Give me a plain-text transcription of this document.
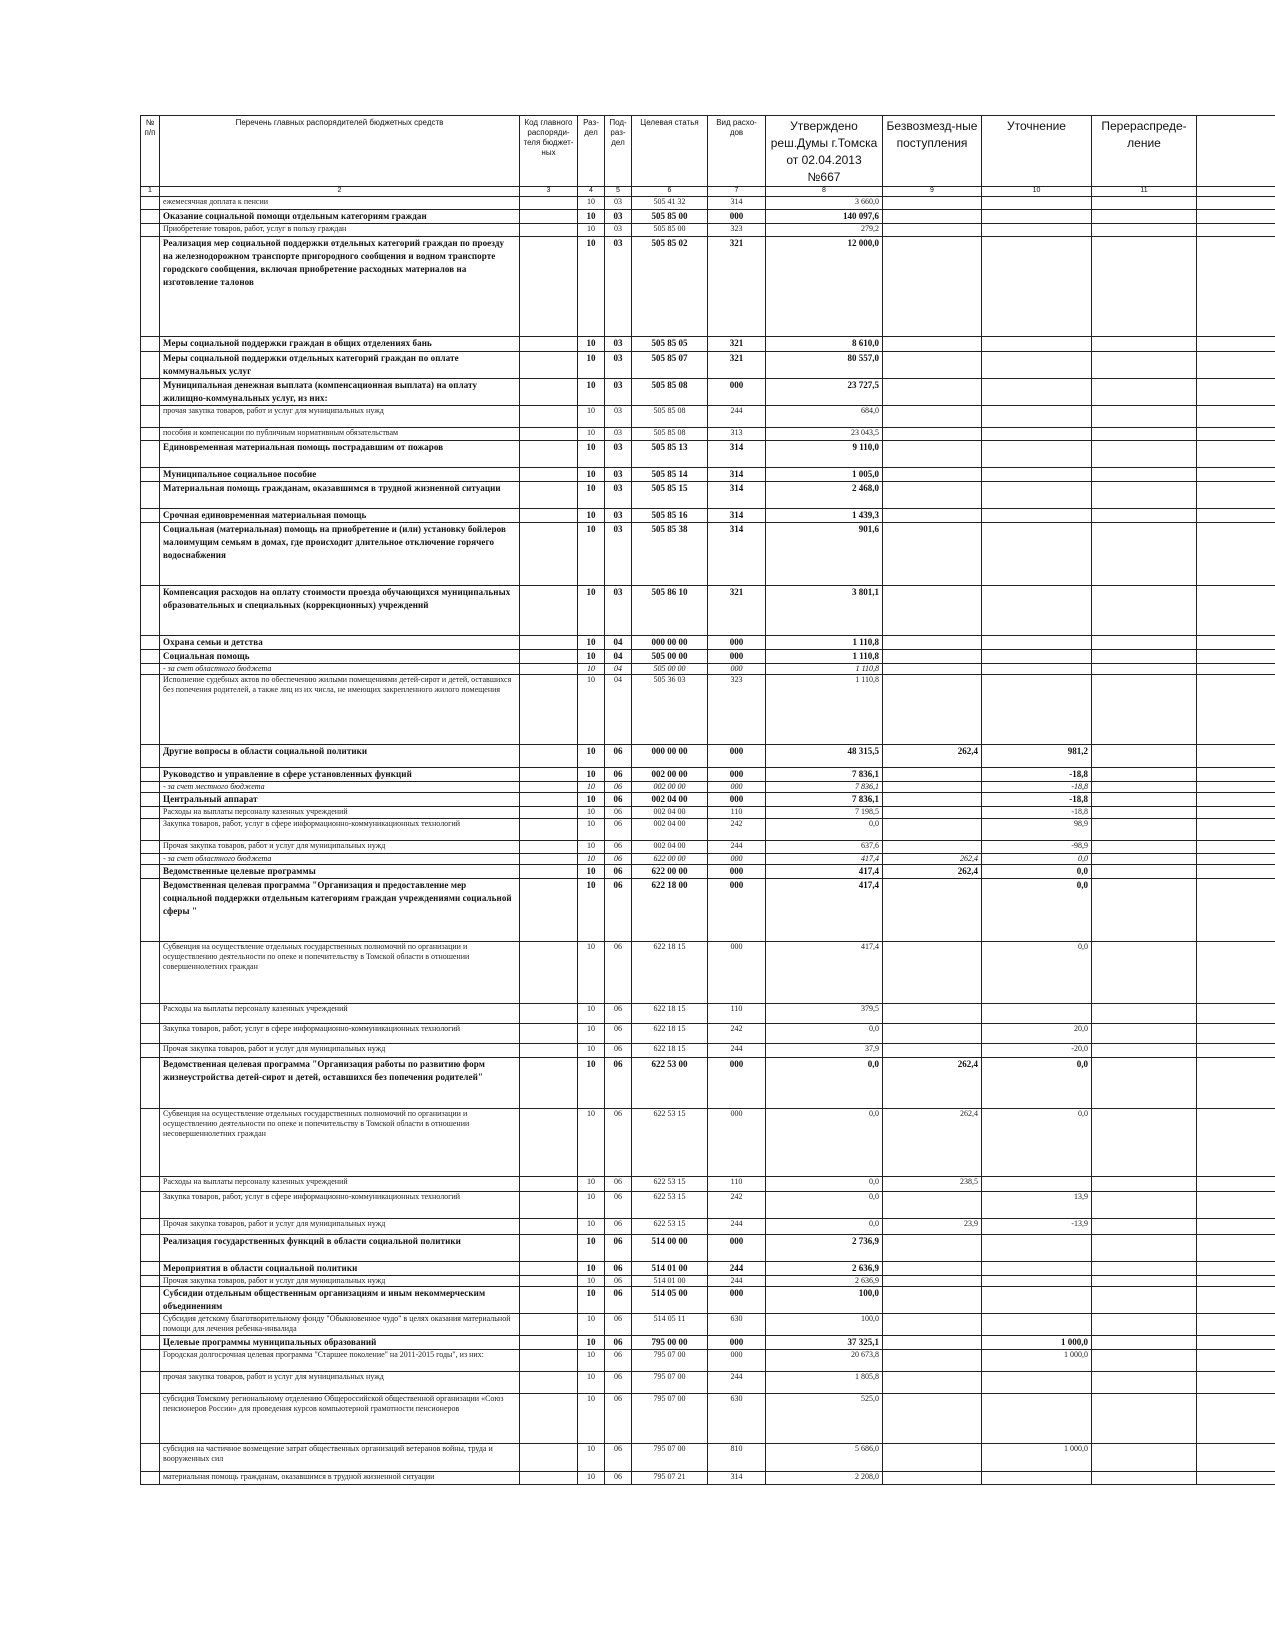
№ п/п	Перечень главных распорядителей бюджетных средств	Код главного распоряди-теля бюджет-ных	Раз-дел	Под-раз-дел	Целевая статья	Вид расхо-дов	Утверждено реш.Думы г.Томска от 02.04.2013 №667	Безвозмезд-ные поступления	Уточнение	Перераспреде-ление	
1	2	3	4	5	6	7	8	9	10	11	
	ежемесячная доплата к пенсии		10	03	505 41 32	314	3 660,0				
	Оказание социальной помощи отдельным категориям граждан		10	03	505 85 00	000	140 097,6				
	Приобретение товаров, работ, услуг в пользу граждан		10	03	505 85 00	323	279,2				
	Реализация мер социальной поддержки отдельных категорий граждан по проезду на железнодорожном транспорте пригородного сообщения и водном транспорте городского сообщения, включая приобретение расходных материалов на изготовление талонов		10	03	505 85 02	321	12 000,0				
	Меры социальной поддержки граждан в общих отделениях бань		10	03	505 85 05	321	8 610,0				
	Меры социальной поддержки отдельных категорий граждан по оплате коммунальных услуг		10	03	505 85 07	321	80 557,0				
	Муниципальная денежная выплата (компенсационная выплата) на оплату жилищно-коммунальных услуг, из них:		10	03	505 85 08	000	23 727,5				
	прочая закупка товаров, работ и услуг для муниципальных нужд		10	03	505 85 08	244	684,0				
	пособия и компенсации по публичным нормативным обязательствам		10	03	505 85 08	313	23 043,5				
	Единовременная материальная помощь пострадавшим от пожаров		10	03	505 85 13	314	9 110,0				
	Муниципальное социальное пособие		10	03	505 85 14	314	1 005,0				
	Материальная помощь гражданам, оказавшимся в трудной жизненной ситуации		10	03	505 85 15	314	2 468,0				
	Срочная единовременная материальная помощь		10	03	505 85 16	314	1 439,3				
	Социальная (материальная) помощь на приобретение и (или) установку бойлеров малоимущим семьям в домах, где происходит длительное отключение горячего водоснабжения		10	03	505 85 38	314	901,6				
	Компенсация расходов на оплату стоимости проезда обучающихся муниципальных образовательных и специальных (коррекционных) учреждений		10	03	505 86 10	321	3 801,1				
	Охрана семьи и детства		10	04	000 00 00	000	1 110,8				
	Социальная помощь		10	04	505 00 00	000	1 110,8				
	- за счет областного бюджета		10	04	505 00 00	000	1 110,8				
	Исполнение судебных актов по обеспечению жилыми помещениями детей-сирот и детей, оставшихся без попечения родителей, а также лиц из их числа, не имеющих закрепленного жилого помещения		10	04	505 36 03	323	1 110,8				
	Другие вопросы в области социальной политики		10	06	000 00 00	000	48 315,5	262,4	981,2		
	Руководство и управление в сфере установленных функций		10	06	002 00 00	000	7 836,1		-18,8		
	- за счет местного бюджета		10	06	002 00 00	000	7 836,1		-18,8		
	Центральный аппарат		10	06	002 04 00	000	7 836,1		-18,8		
	Расходы на выплаты персоналу казенных учреждений		10	06	002 04 00	110	7 198,5		-18,8		
	Закупка товаров, работ, услуг в сфере информационно-коммуникационных технологий		10	06	002 04 00	242	0,0		98,9		
	Прочая закупка товаров, работ и услуг для муниципальных нужд		10	06	002 04 00	244	637,6		-98,9		
	- за счет областного бюджета		10	06	622 00 00	000	417,4	262,4	0,0		
	Ведомственные целевые программы		10	06	622 00 00	000	417,4	262,4	0,0		
	Ведомственная целевая программа "Организация и предоставление мер социальной поддержки отдельным категориям граждан учреждениями социальной сферы "		10	06	622 18 00	000	417,4		0,0		
	Субвенция на осуществление отдельных государственных полномочий по организации и осуществлению деятельности по опеке и попечительству в Томской области в отношении совершеннолетних граждан		10	06	622 18 15	000	417,4		0,0		
	Расходы на выплаты персоналу казенных учреждений		10	06	622 18 15	110	379,5				
	Закупка товаров, работ, услуг в сфере информационно-коммуникационных технологий		10	06	622 18 15	242	0,0		20,0		
	Прочая закупка товаров, работ и услуг для муниципальных нужд		10	06	622 18 15	244	37,9		-20,0		
	Ведомственная целевая программа "Организация работы по развитию форм жизнеустройства детей-сирот и детей, оставшихся без попечения родителей"		10	06	622 53 00	000	0,0	262,4	0,0		
	Субвенция на осуществление отдельных государственных полномочий по организации и осуществлению деятельности по опеке и попечительству в Томской области в отношении несовершеннолетних граждан		10	06	622 53 15	000	0,0	262,4	0,0		
	Расходы на выплаты персоналу казенных учреждений		10	06	622 53 15	110	0,0	238,5			
	Закупка товаров, работ, услуг в сфере информационно-коммуникационных технологий		10	06	622 53 15	242	0,0		13,9		
	Прочая закупка товаров, работ и услуг для муниципальных нужд		10	06	622 53 15	244	0,0	23,9	-13,9		
	Реализация государственных функций в области социальной политики		10	06	514 00 00	000	2 736,9				
	Мероприятия в области социальной политики		10	06	514 01 00	244	2 636,9				
	Прочая закупка товаров, работ и услуг для муниципальных нужд		10	06	514 01 00	244	2 636,9				
	Субсидии отдельным общественным организациям и иным некоммерческим объединениям		10	06	514 05 00	000	100,0				
	Субсидия детскому благотворительному фонду "Обыкновенное чудо" в целях оказания материальной помощи для лечения ребенка-инвалида		10	06	514 05 11	630	100,0				
	Целевые программы муниципальных образований		10	06	795 00 00	000	37 325,1		1 000,0		
	Городская долгосрочная целевая программа "Старшее поколение" на 2011-2015 годы", из них:		10	06	795 07 00	000	20 673,8		1 000,0		
	прочая закупка товаров, работ и услуг для муниципальных нужд		10	06	795 07 00	244	1 805,8				
	субсидия Томскому региональному отделению Общероссийской общественной организации «Союз пенсионеров России» для проведения курсов компьютерной грамотности пенсионеров		10	06	795 07 00	630	525,0				
	субсидия на частичное возмещение затрат общественных организаций ветеранов войны, труда и вооруженных сил		10	06	795 07 00	810	5 686,0		1 000,0		
	материальная помощь гражданам, оказавшимся в трудной жизненной ситуации		10	06	795 07 21	314	2 208,0				
